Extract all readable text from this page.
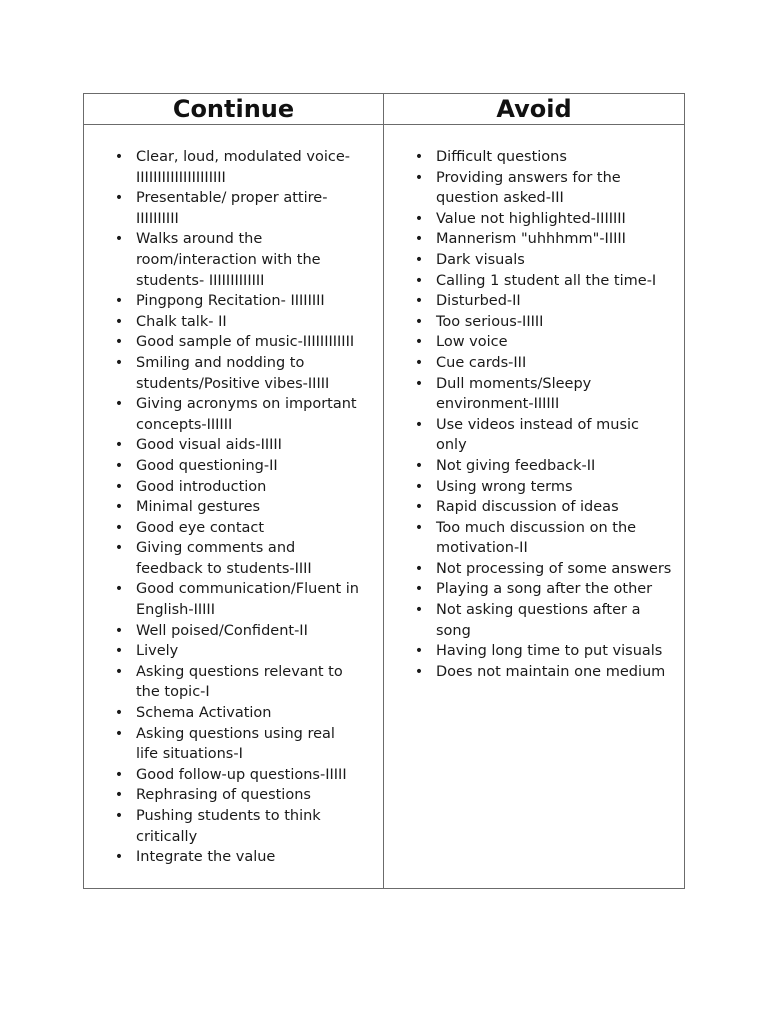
Continue	Avoid
• Clear, loud, modulated voice-IIIIIIIIIIIIIIIIIIIII
• Presentable/ proper attire-IIIIIIIIII
• Walks around the room/interaction with the students- IIIIIIIIIIIII
• Pingpong Recitation- IIIIIIII
• Chalk talk- II
• Good sample of music-IIIIIIIIIIII
• Smiling and nodding to students/Positive vibes-IIIII
• Giving acronyms on important concepts-IIIIII
• Good visual aids-IIIII
• Good questioning-II
• Good introduction
• Minimal gestures
• Good eye contact
• Giving comments and feedback to students-IIII
• Good communication/Fluent in English-IIIII
• Well poised/Confident-II
• Lively
• Asking questions relevant to the topic-I
• Schema Activation
• Asking questions using real life situations-I
• Good follow-up questions-IIIII
• Rephrasing of questions
• Pushing students to think critically
• Integrate the value
• Difficult questions
• Providing answers for the question asked-III
• Value not highlighted-IIIIIII
• Mannerism "uhhhmm"-IIIII
• Dark visuals
• Calling 1 student all the time-I
• Disturbed-II
• Too serious-IIIII
• Low voice
• Cue cards-III
• Dull moments/Sleepy environment-IIIIII
• Use videos instead of music only
• Not giving feedback-II
• Using wrong terms
• Rapid discussion of ideas
• Too much discussion on the motivation-II
• Not processing of some answers
• Playing a song after the other
• Not asking questions after a song
• Having long time to put visuals
• Does not maintain one medium
